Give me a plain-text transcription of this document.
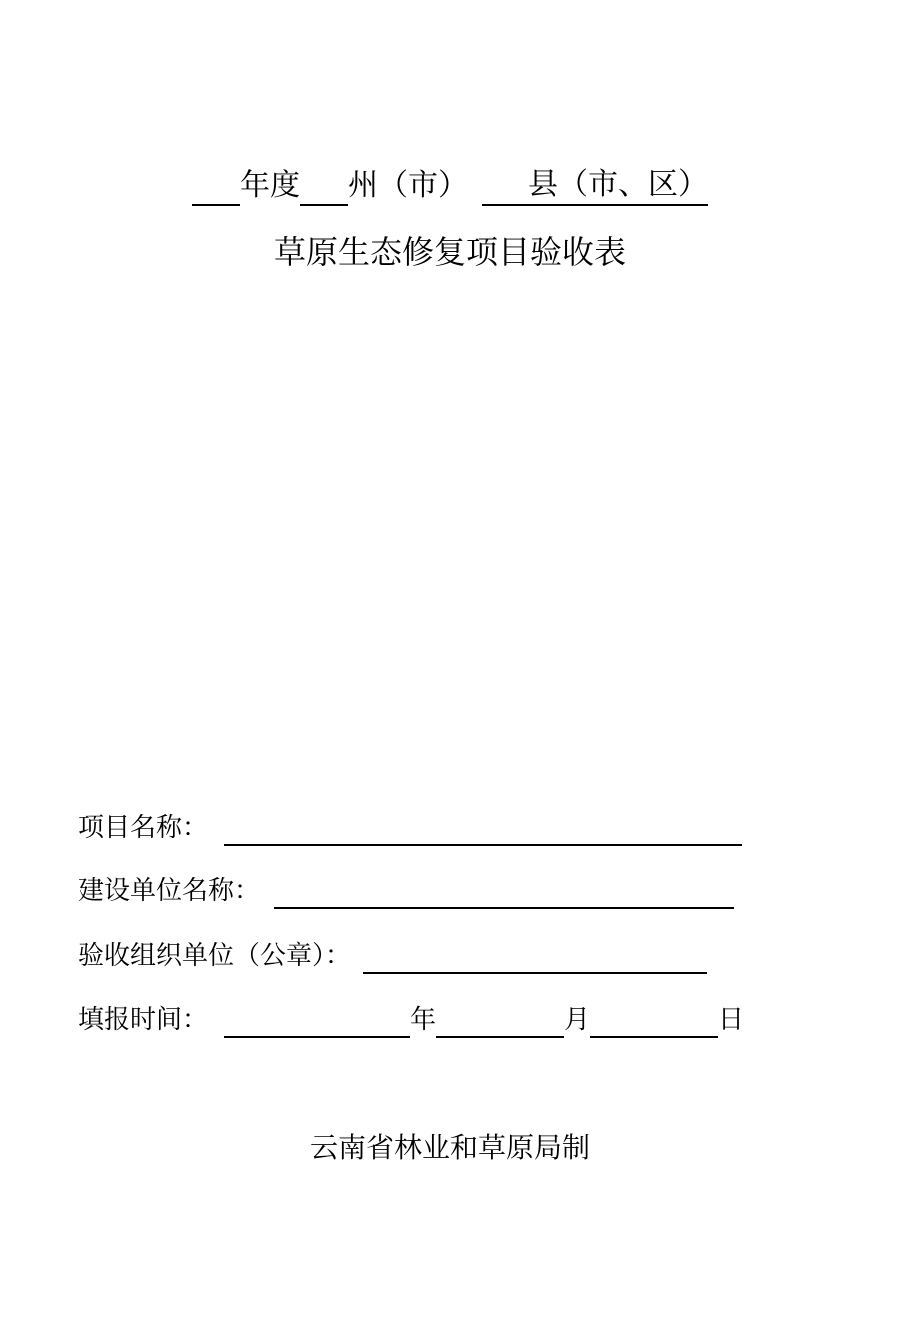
年度 州（市）	县（市、区）
草原生态修复项目验收表
项目名称：
建设单位名称：
验收组织单位（公章）：
填报时间：	年	月	日
云南省林业和草原局制
